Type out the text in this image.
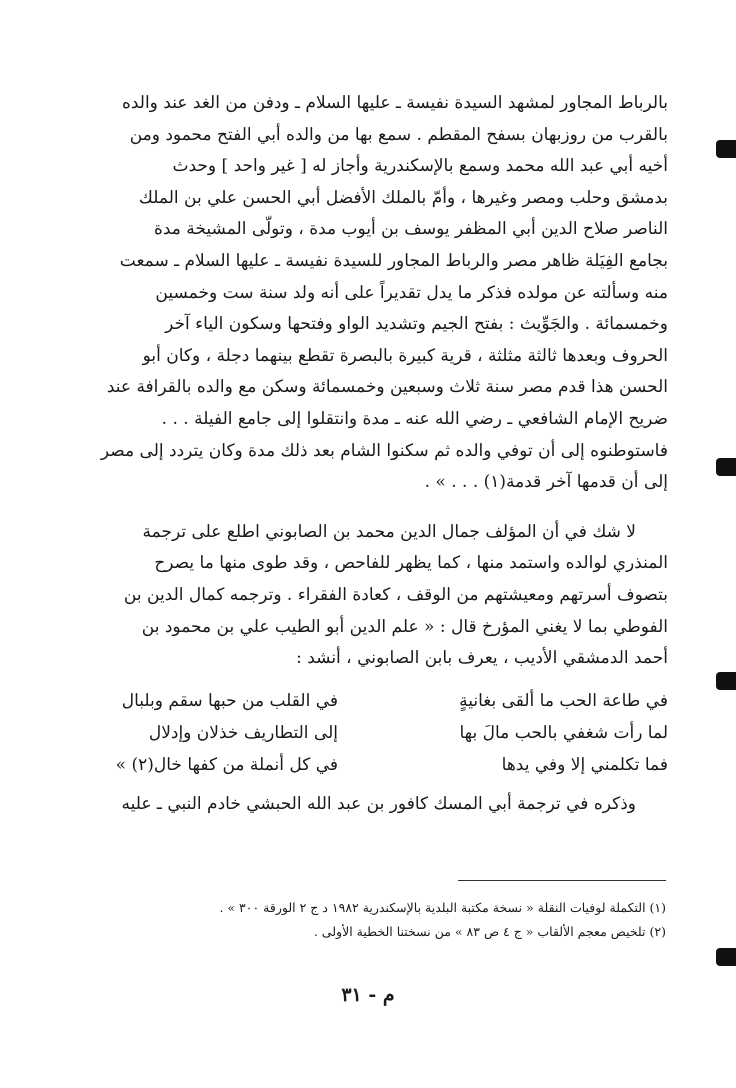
بالرباط المجاور لمشهد السيدة نفيسة ـ عليها السلام ـ ودفن من الغد عند والده

بالقرب من روزبهان بسفح المقطم . سمع بها من والده أبي الفتح محمود ومن

أخيه أبي عبد الله محمد وسمع بالإسكندرية وأجاز له [ غير واحد ] وحدث

بدمشق وحلب ومصر وغيرها ، وأمّ بالملك الأفضل أبي الحسن علي بن الملك

الناصر صلاح الدين أبي المظفر يوسف بن أيوب مدة ، وتولّى المشيخة مدة

بجامع الفِيَلة ظاهر مصر والرباط المجاور للسيدة نفيسة ـ عليها السلام ـ سمعت

منه وسألته عن مولده فذكر ما يدل تقديراً على أنه ولد سنة ست وخمسين

وخمسمائة . والجَوِّيث : بفتح الجيم وتشديد الواو وفتحها وسكون الياء آخر

الحروف وبعدها ثالثة مثلثة ، قرية كبيرة بالبصرة تقطع بينهما دجلة ، وكان أبو

الحسن هذا قدم مصر سنة ثلاث وسبعين وخمسمائة وسكن مع والده بالقرافة عند

ضريح الإمام الشافعي ـ رضي الله عنه ـ مدة وانتقلوا إلى جامع الفيلة . . .

فاستوطنوه إلى أن توفي والده ثم سكنوا الشام بعد ذلك مدة وكان يتردد إلى مصر

إلى أن قدمها آخر قدمة(١) . . . » .

لا شك في أن المؤلف جمال الدين محمد بن الصابوني اطلع على ترجمة

المنذري لوالده واستمد منها ، كما يظهر للفاحص ، وقد طوى منها ما يصرح

بتصوف أسرتهم ومعيشتهم من الوقف ، كعادة الفقراء . وترجمه كمال الدين بن

الفوطي بما لا يغني المؤرخ قال : « علم الدين أبو الطيب علي بن محمود بن

أحمد الدمشقي الأديب ، يعرف بابن الصابوني ، أنشد :

في طاعة الحب ما ألقى بغانيةٍ
في القلب من حبها سقم وبلبال
لما رأت شغفي بالحب مالَ بها
إلى التطاريف خذلان وإدلال
فما تكلمني إلا وفي يدها
في كل أنملة من كفها خال(٢) »

وذكره في ترجمة أبي المسك كافور بن عبد الله الحبشي خادم النبي ـ عليه

(١) التكملة لوفيات النقلة « نسخة مكتبة البلدية بالإسكندرية ١٩٨٢ د ج ٢ الورقة ٣٠٠ » .

(٢) تلخيص معجم الألقاب « ج ٤ ص ٨٣ » من نسختنا الخطية الأولى .

م - ٣١
